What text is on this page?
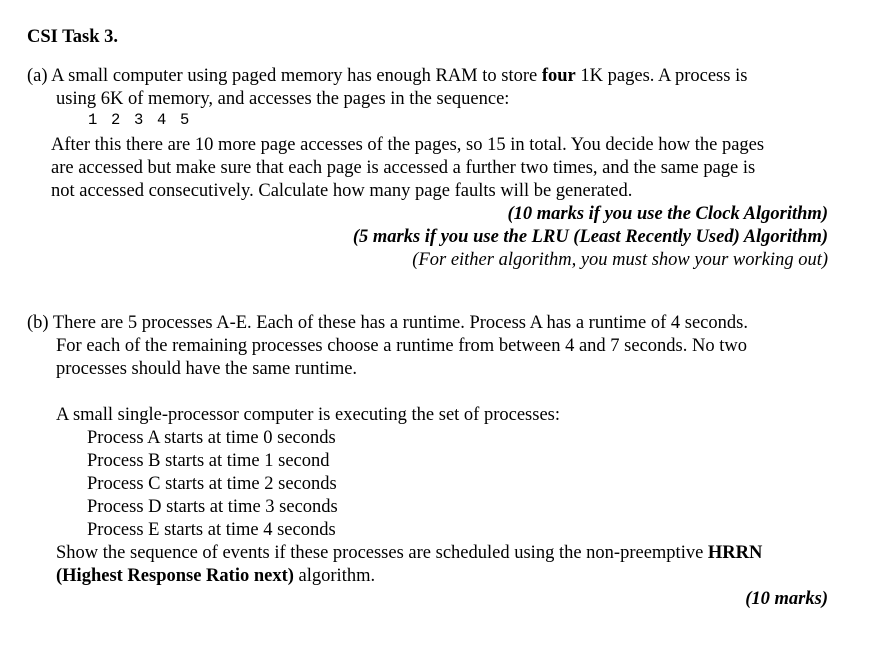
CSI Task 3.
(a) A small computer using paged memory has enough RAM to store four 1K pages. A process is
using 6K of memory, and accesses the pages in the sequence:
1 2 3 4 5
After this there are 10 more page accesses of the pages, so 15 in total. You decide how the pages
are accessed but make sure that each page is accessed a further two times, and the same page is
not accessed consecutively. Calculate how many page faults will be generated.
(10 marks if you use the Clock Algorithm)
(5 marks if you use the LRU (Least Recently Used) Algorithm)
(For either algorithm, you must show your working out)
(b) There are 5 processes A-E. Each of these has a runtime. Process A has a runtime of 4 seconds.
For each of the remaining processes choose a runtime from between 4 and 7 seconds. No two
processes should have the same runtime.
A small single-processor computer is executing the set of processes:
Process A starts at time 0 seconds
Process B starts at time 1 second
Process C starts at time 2 seconds
Process D starts at time 3 seconds
Process E starts at time 4 seconds
Show the sequence of events if these processes are scheduled using the non-preemptive HRRN
(Highest Response Ratio next) algorithm.
(10 marks)
